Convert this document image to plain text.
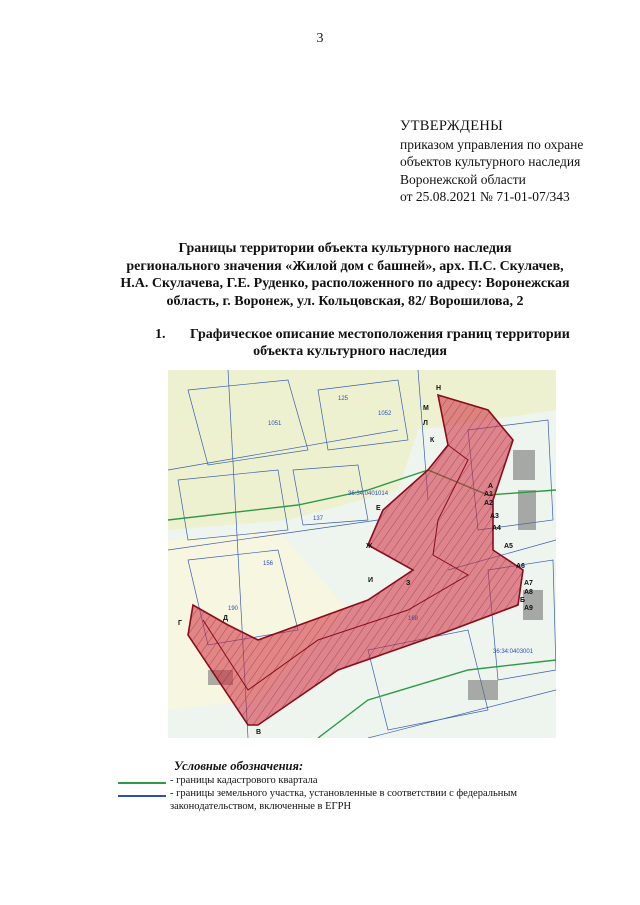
3
УТВЕРЖДЕНЫ
приказом управления по охране
объектов культурного наследия
Воронежской области
от 25.08.2021 № 71-01-07/343
Границы территории объекта культурного наследия
регионального значения «Жилой дом с башней», арх. П.С. Скулачев,
Н.А. Скулачева, Г.Е. Руденко, расположенного по адресу: Воронежская
область, г. Воронеж, ул. Кольцовская, 82/ Ворошилова, 2
1. Графическое описание местоположения границ территории
объекта культурного наследия
Н
М
Л
К
Е
Ж
З
И
Д
Г
В
Б
А
А1
А2
А3
А4
А5
А6
А7
А8
А9
36:34:0401014
36:34:0403001
1051
1052
125
137
156
190
168
Условные обозначения:
- границы кадастрового квартала
- границы земельного участка, установленные в соответствии с федеральным
законодательством, включенные в ЕГРН
